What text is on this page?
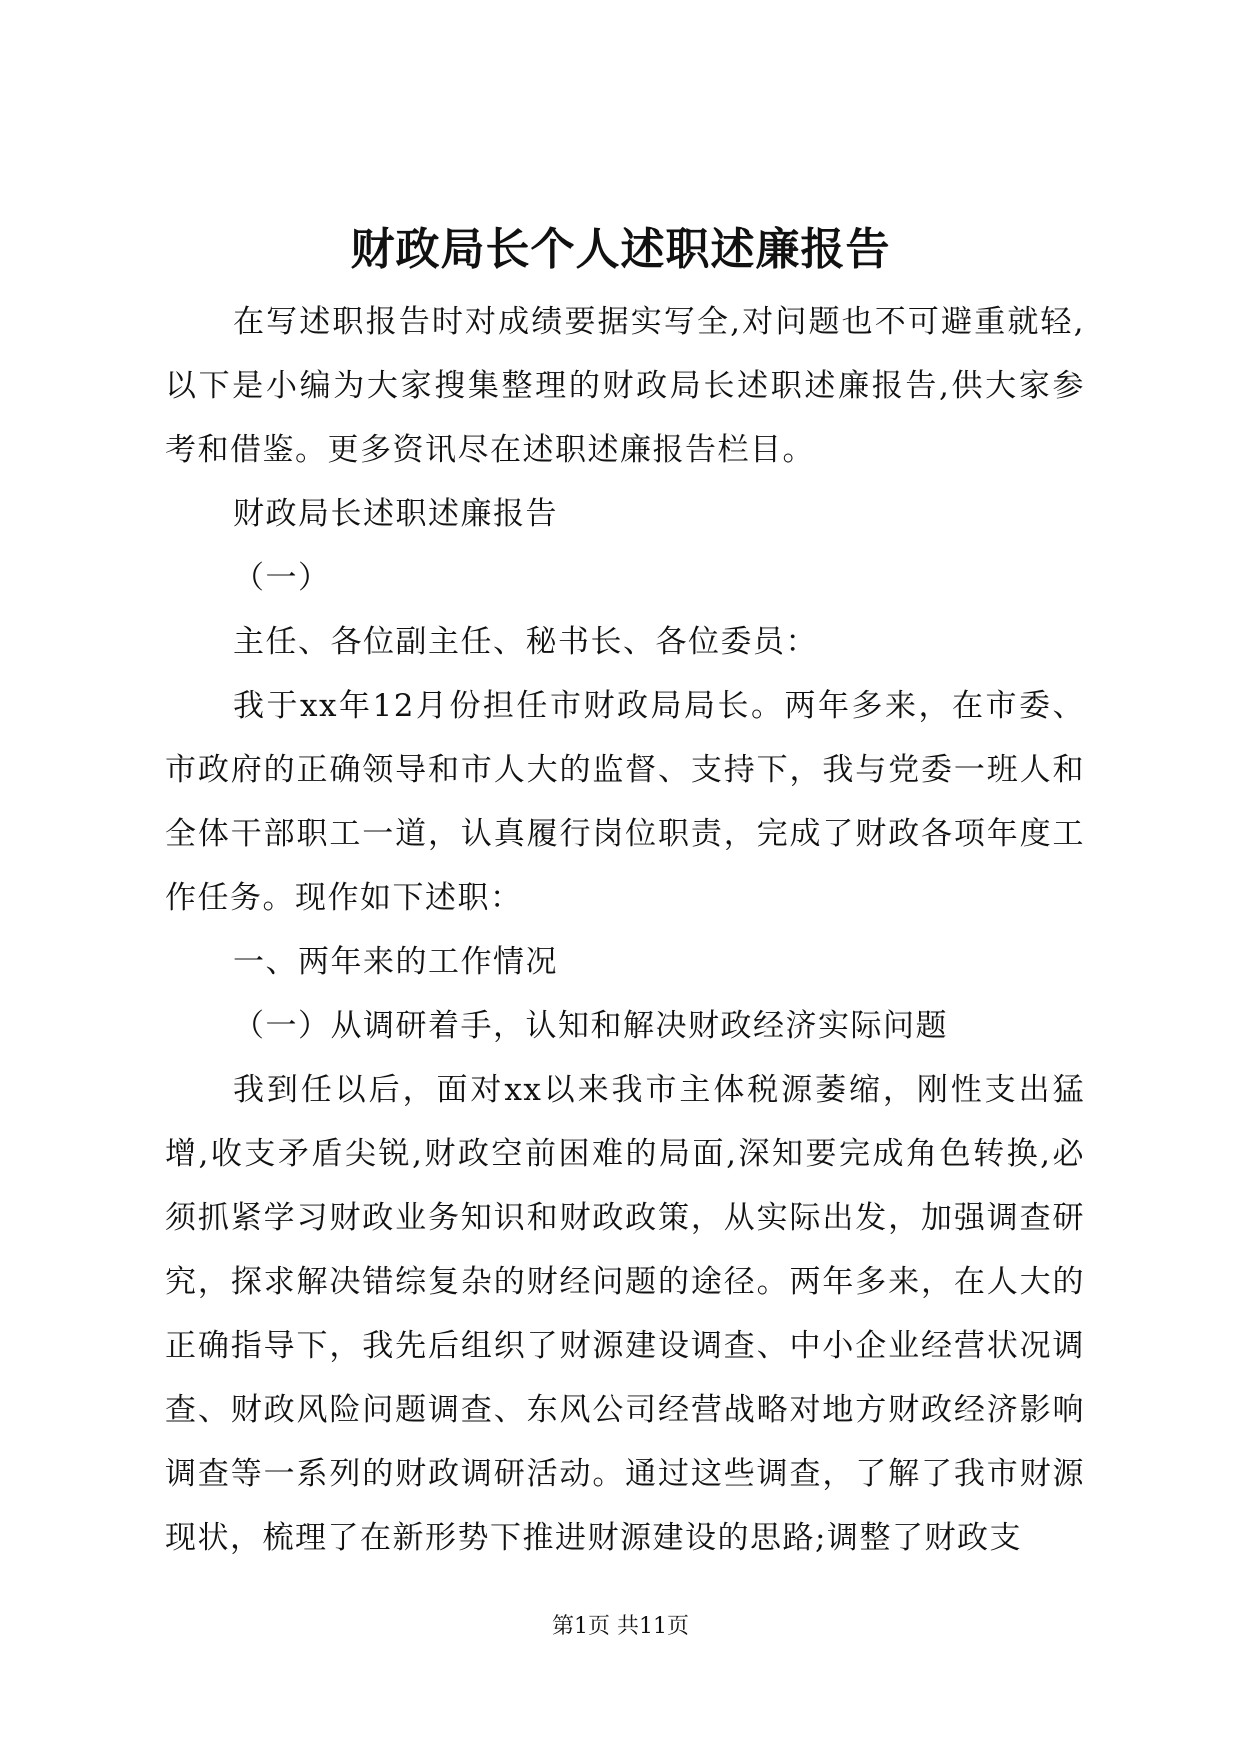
财政局长个人述职述廉报告

在写述职报告时对成绩要据实写全,对问题也不可避重就轻,以下是小编为大家搜集整理的财政局长述职述廉报告,供大家参考和借鉴。更多资讯尽在述职述廉报告栏目。

财政局长述职述廉报告

（一）

主任、各位副主任、秘书长、各位委员：

我于xx年12月份担任市财政局局长。两年多来，在市委、市政府的正确领导和市人大的监督、支持下，我与党委一班人和全体干部职工一道，认真履行岗位职责，完成了财政各项年度工作任务。现作如下述职：

一、两年来的工作情况

（一）从调研着手，认知和解决财政经济实际问题

我到任以后，面对xx以来我市主体税源萎缩，刚性支出猛增,收支矛盾尖锐,财政空前困难的局面,深知要完成角色转换,必须抓紧学习财政业务知识和财政政策，从实际出发，加强调查研究，探求解决错综复杂的财经问题的途径。两年多来，在人大的正确指导下，我先后组织了财源建设调查、中小企业经营状况调查、财政风险问题调查、东风公司经营战略对地方财政经济影响调查等一系列的财政调研活动。通过这些调查，了解了我市财源现状，梳理了在新形势下推进财源建设的思路;调整了财政支

第1页 共11页
